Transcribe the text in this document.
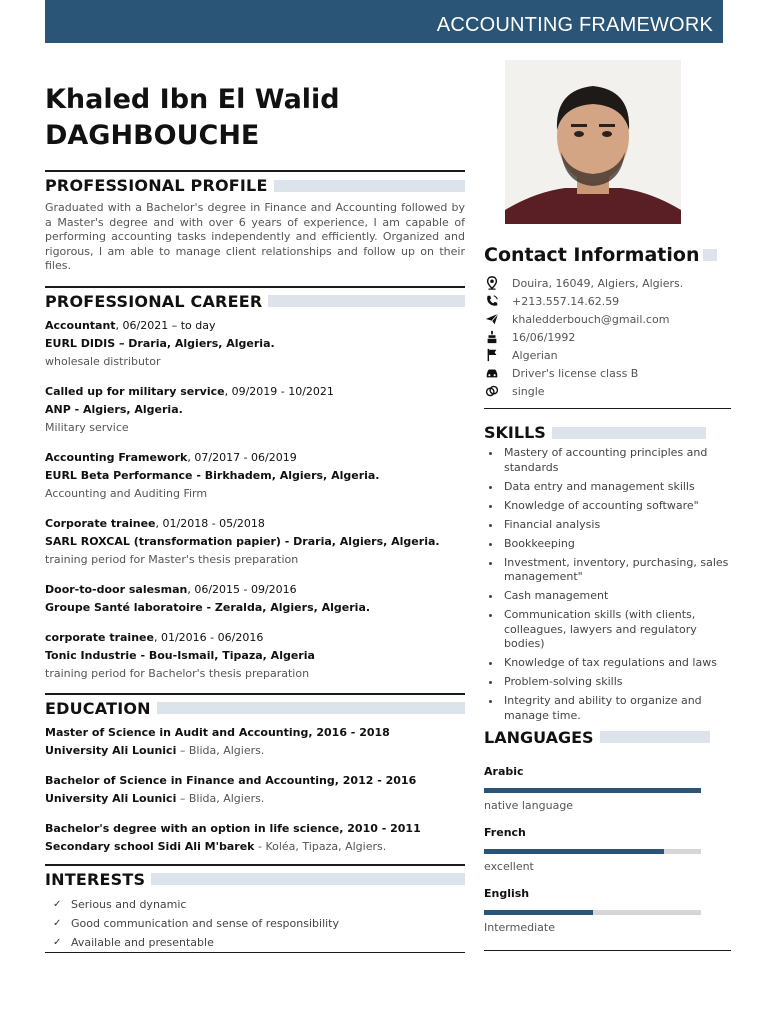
ACCOUNTING FRAMEWORK
Khaled Ibn El Walid
DAGHBOUCHE
PROFESSIONAL PROFILE

Graduated with a Bachelor's degree in Finance and Accounting followed by a Master's degree and with over 6 years of experience, I am capable of performing accounting tasks independently and efficiently. Organized and rigorous, I am able to manage client relationships and follow up on their files.

PROFESSIONAL CAREER
Accountant, 06/2021 – to day
EURL DIDIS – Draria, Algiers, Algeria.
wholesale distributor
Called up for military service, 09/2019 - 10/2021
ANP - Algiers, Algeria.
Military service
Accounting Framework, 07/2017 - 06/2019
EURL Beta Performance - Birkhadem, Algiers, Algeria.
Accounting and Auditing Firm
Corporate trainee, 01/2018 - 05/2018
SARL ROXCAL (transformation papier) - Draria, Algiers, Algeria.
training period for Master's thesis preparation
Door-to-door salesman, 06/2015 - 09/2016
Groupe Santé laboratoire - Zeralda, Algiers, Algeria.
corporate trainee, 01/2016 - 06/2016
Tonic Industrie - Bou-Ismail, Tipaza, Algeria
training period for Bachelor's thesis preparation
EDUCATION
Master of Science in Audit and Accounting, 2016 - 2018
University Ali Lounici – Blida, Algiers.
Bachelor of Science in Finance and Accounting, 2012 - 2016
University Ali Lounici – Blida, Algiers.
Bachelor's degree with an option in life science, 2010 - 2011
Secondary school Sidi Ali M'barek - Koléa, Tipaza, Algiers.
INTERESTS
✓ Serious and dynamic
✓ Good communication and sense of responsibility
✓ Available and presentable
Contact Information
Douira, 16049, Algiers, Algiers.
+213.557.14.62.59
khaledderbouch@gmail.com
16/06/1992
Algerian
Driver's license class B
single
SKILLS
• Mastery of accounting principles and standards
• Data entry and management skills
• Knowledge of accounting software"
• Financial analysis
• Bookkeeping
• Investment, inventory, purchasing, sales management"
• Cash management
• Communication skills (with clients, colleagues, lawyers and regulatory bodies)
• Knowledge of tax regulations and laws
• Problem-solving skills
• Integrity and ability to organize and manage time.
LANGUAGES
Arabic
native language
French
excellent
English
Intermediate
